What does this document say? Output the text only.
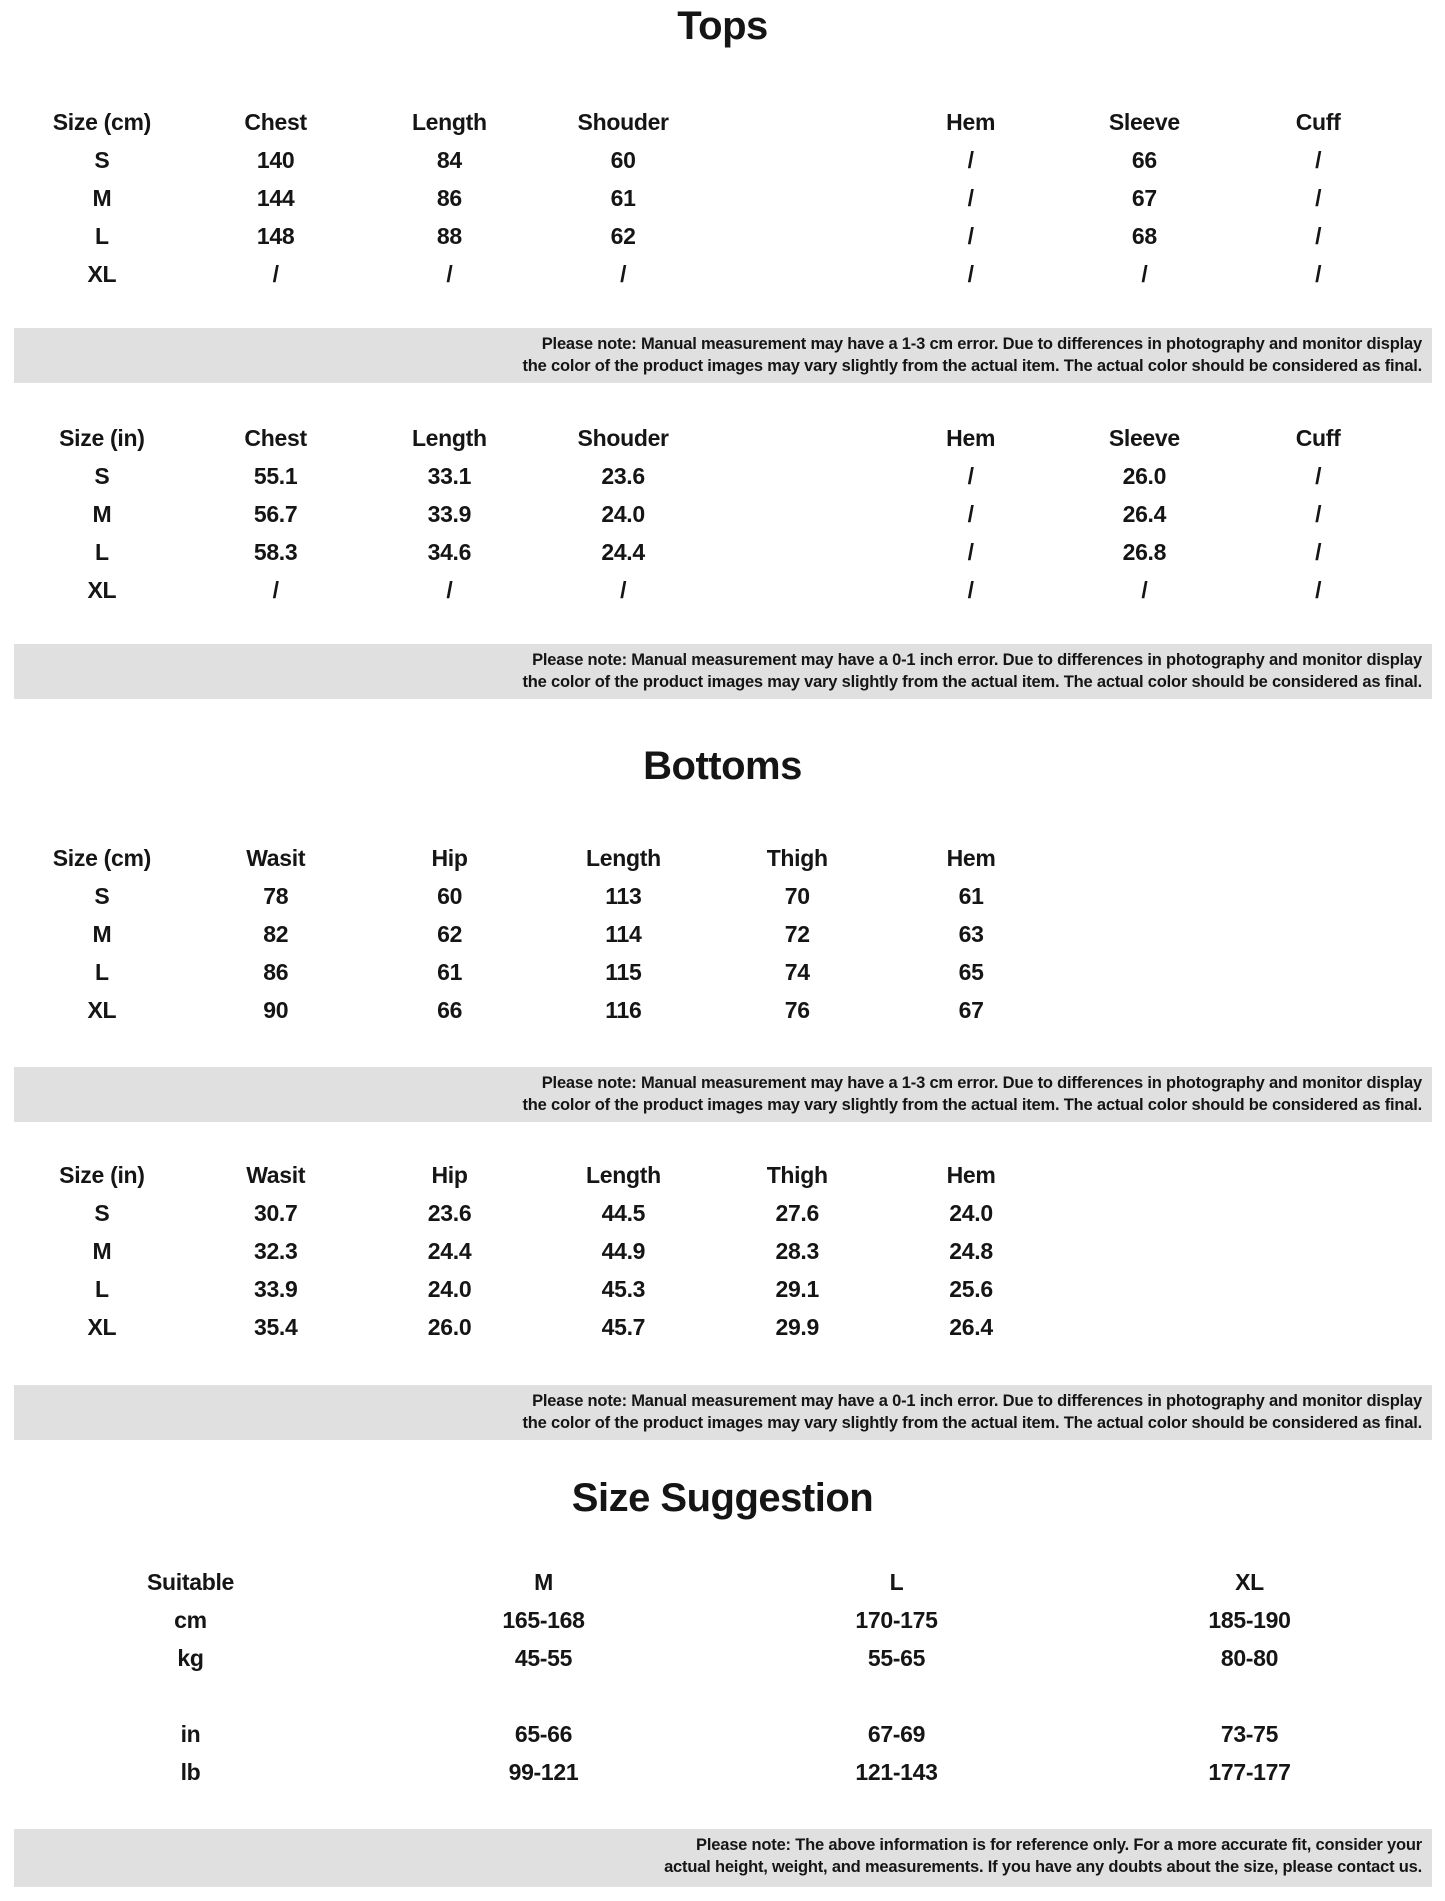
Tops
Size (cm)	Chest	Length	Shouder	Hem	Sleeve	Cuff
S	140	84	60	/	66	/
M	144	86	61	/	67	/
L	148	88	62	/	68	/
XL	/	/	/	/	/	/
Please note: Manual measurement may have a 1-3 cm error. Due to differences in photography and monitor display
the color of the product images may vary slightly from the actual item. The actual color should be considered as final.
Size (in)	Chest	Length	Shouder	Hem	Sleeve	Cuff
S	55.1	33.1	23.6	/	26.0	/
M	56.7	33.9	24.0	/	26.4	/
L	58.3	34.6	24.4	/	26.8	/
XL	/	/	/	/	/	/
Please note: Manual measurement may have a 0-1 inch error. Due to differences in photography and monitor display
the color of the product images may vary slightly from the actual item. The actual color should be considered as final.
Bottoms
Size (cm)	Wasit	Hip	Length	Thigh	Hem
S	78	60	113	70	61
M	82	62	114	72	63
L	86	61	115	74	65
XL	90	66	116	76	67
Please note: Manual measurement may have a 1-3 cm error. Due to differences in photography and monitor display
the color of the product images may vary slightly from the actual item. The actual color should be considered as final.
Size (in)	Wasit	Hip	Length	Thigh	Hem
S	30.7	23.6	44.5	27.6	24.0
M	32.3	24.4	44.9	28.3	24.8
L	33.9	24.0	45.3	29.1	25.6
XL	35.4	26.0	45.7	29.9	26.4
Please note: Manual measurement may have a 0-1 inch error. Due to differences in photography and monitor display
the color of the product images may vary slightly from the actual item. The actual color should be considered as final.
Size Suggestion
Suitable	M	L	XL
cm	165-168	170-175	185-190
kg	45-55	55-65	80-80
in	65-66	67-69	73-75
lb	99-121	121-143	177-177
Please note: The above information is for reference only. For a more accurate fit, consider your
actual height, weight, and measurements. If you have any doubts about the size, please contact us.
